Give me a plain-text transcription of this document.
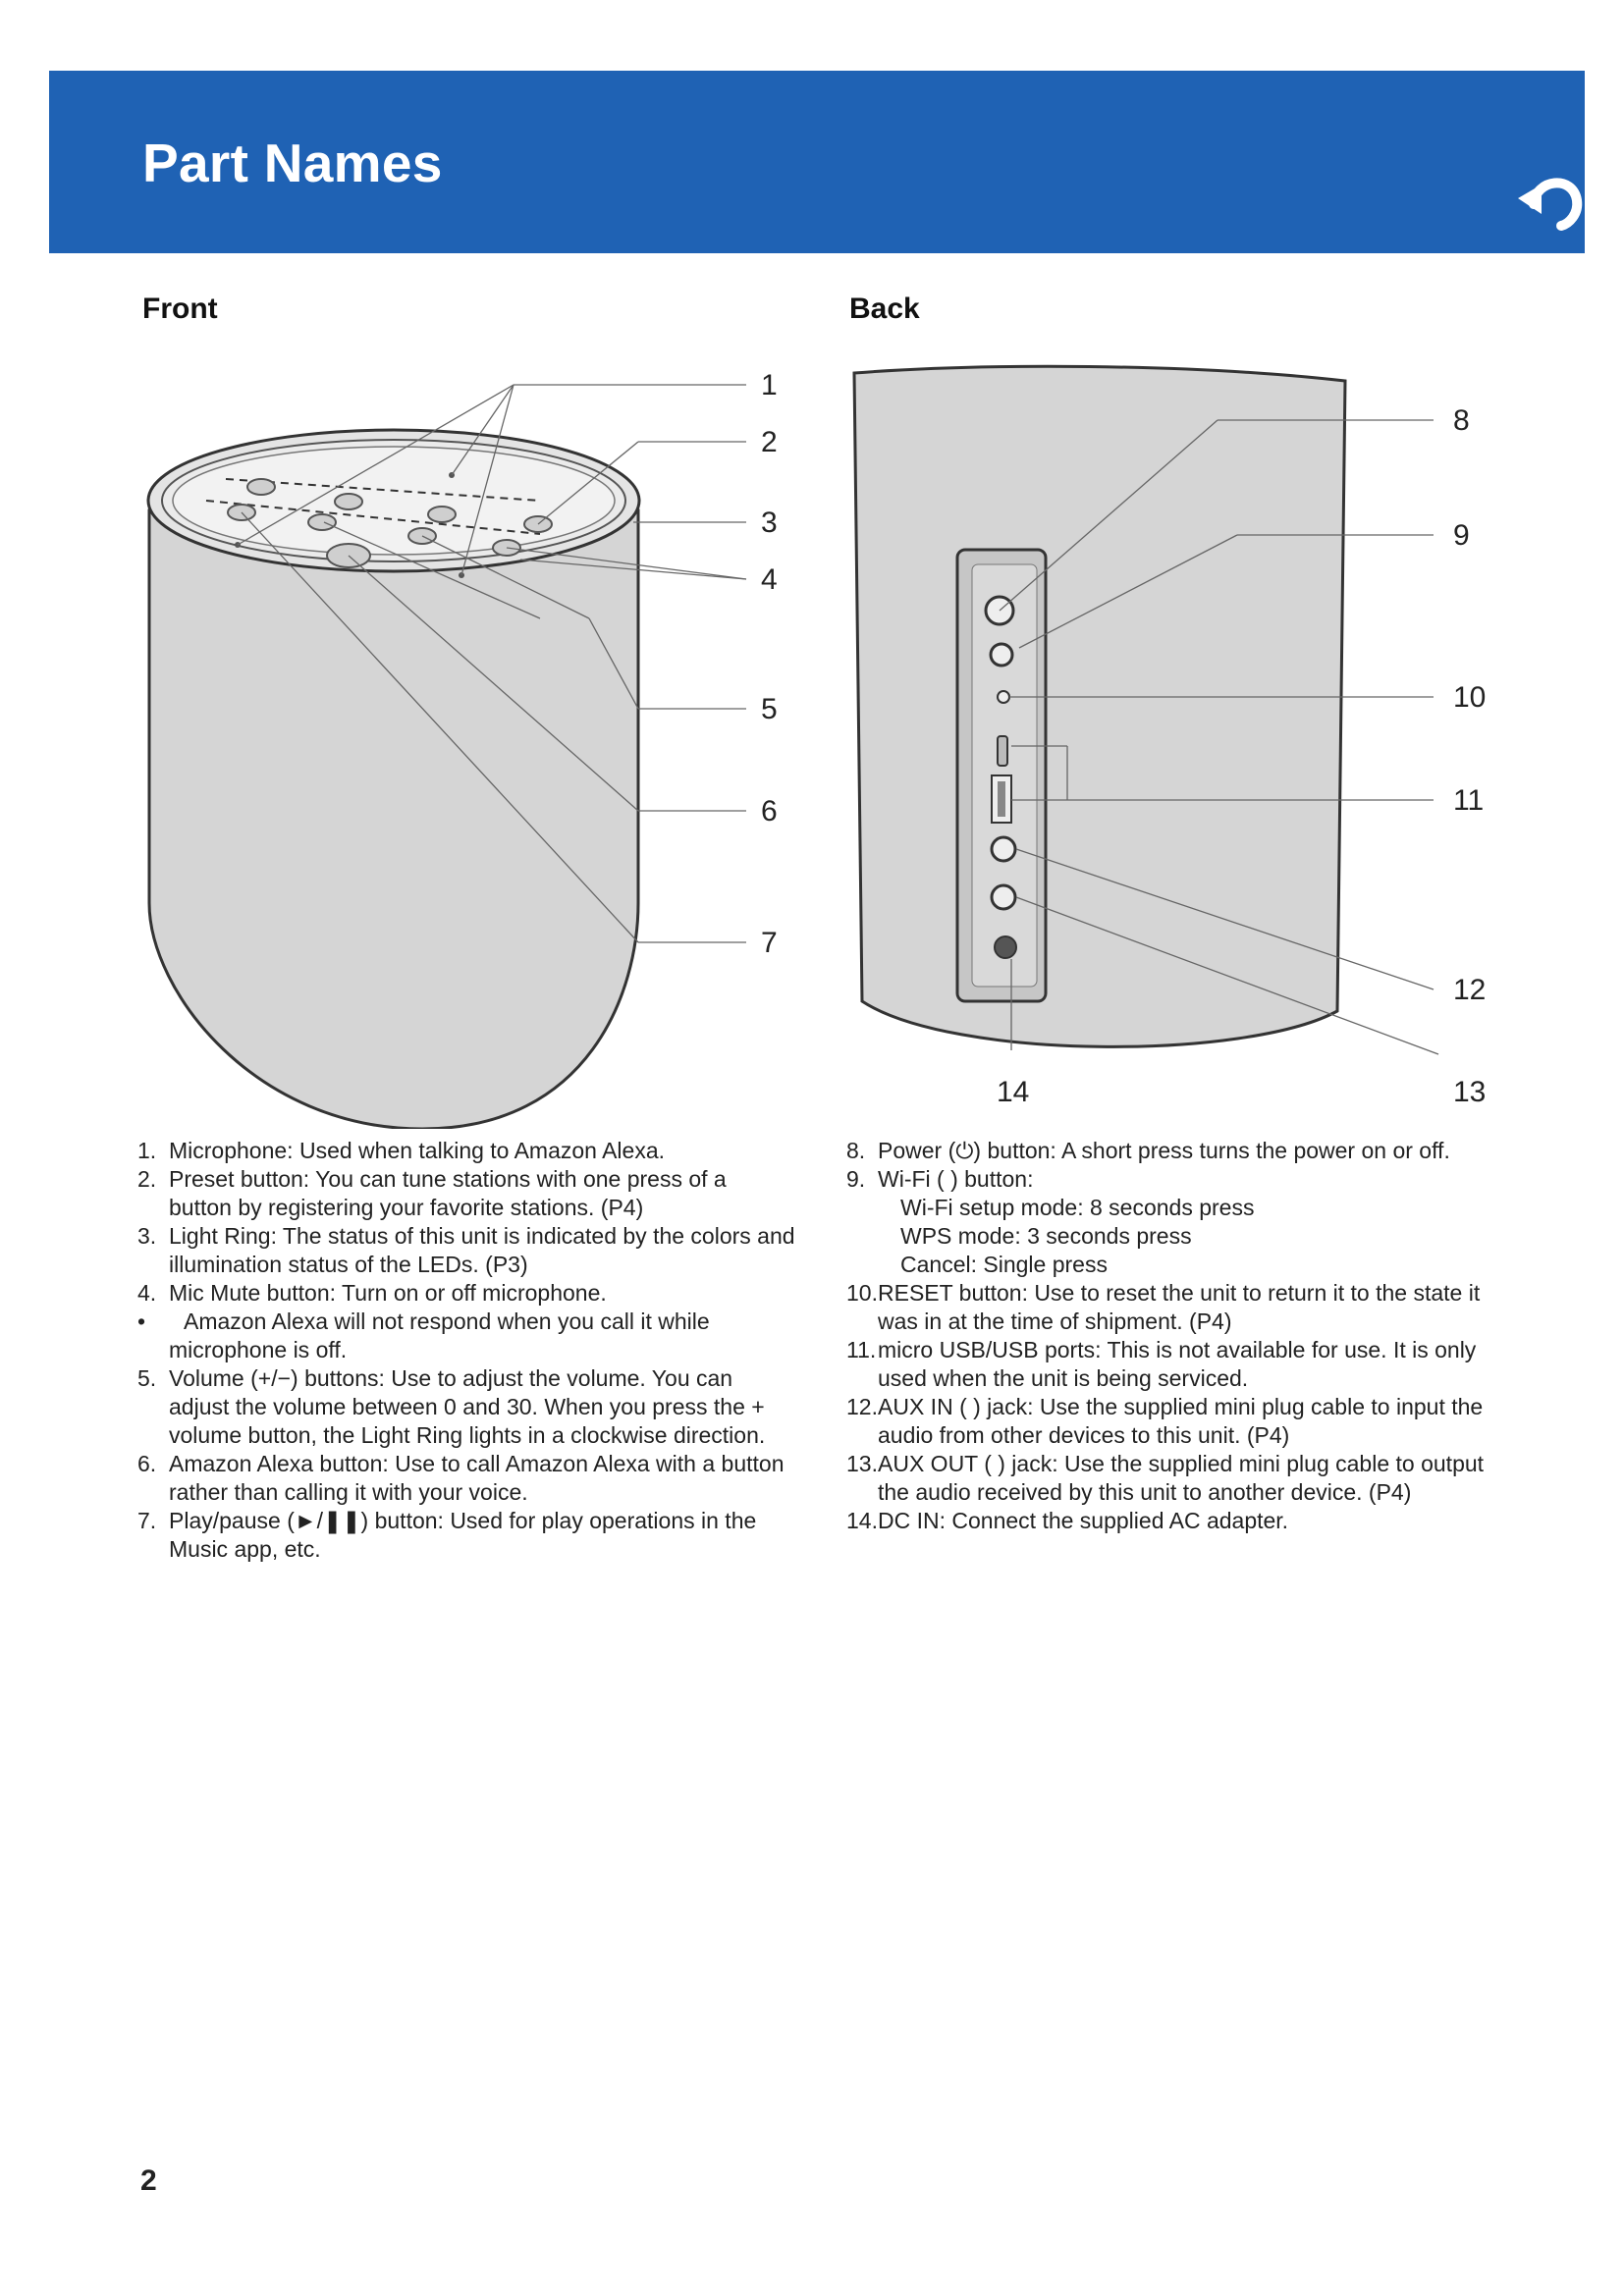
Part Names
Front	Back
1
2
3
4
5
6
7
8
9
10
11
12
13
14
1. Microphone: Used when talking to Amazon Alexa.
2. Preset button: You can tune stations with one press of a button by registering your favorite stations. (P4)
3. Light Ring: The status of this unit is indicated by the colors and illumination status of the LEDs. (P3)
4. Mic Mute button: Turn on or off microphone.
• Amazon Alexa will not respond when you call it while microphone is off.
5. Volume (+/−) buttons: Use to adjust the volume. You can adjust the volume between 0 and 30. When you press the + volume button, the Light Ring lights in a clockwise direction.
6. Amazon Alexa button: Use to call Amazon Alexa with a button rather than calling it with your voice.
7. Play/pause (►/❚❚) button: Used for play operations in the Music app, etc.
8. Power (⏻) button: A short press turns the power on or off.
9. Wi-Fi ( ) button:
Wi-Fi setup mode: 8 seconds press
WPS mode: 3 seconds press
Cancel: Single press
10. RESET button: Use to reset the unit to return it to the state it was in at the time of shipment. (P4)
11. micro USB/USB ports: This is not available for use. It is only used when the unit is being serviced.
12. AUX IN ( ) jack: Use the supplied mini plug cable to input the audio from other devices to this unit. (P4)
13. AUX OUT ( ) jack: Use the supplied mini plug cable to output the audio received by this unit to another device. (P4)
14. DC IN: Connect the supplied AC adapter.

2
